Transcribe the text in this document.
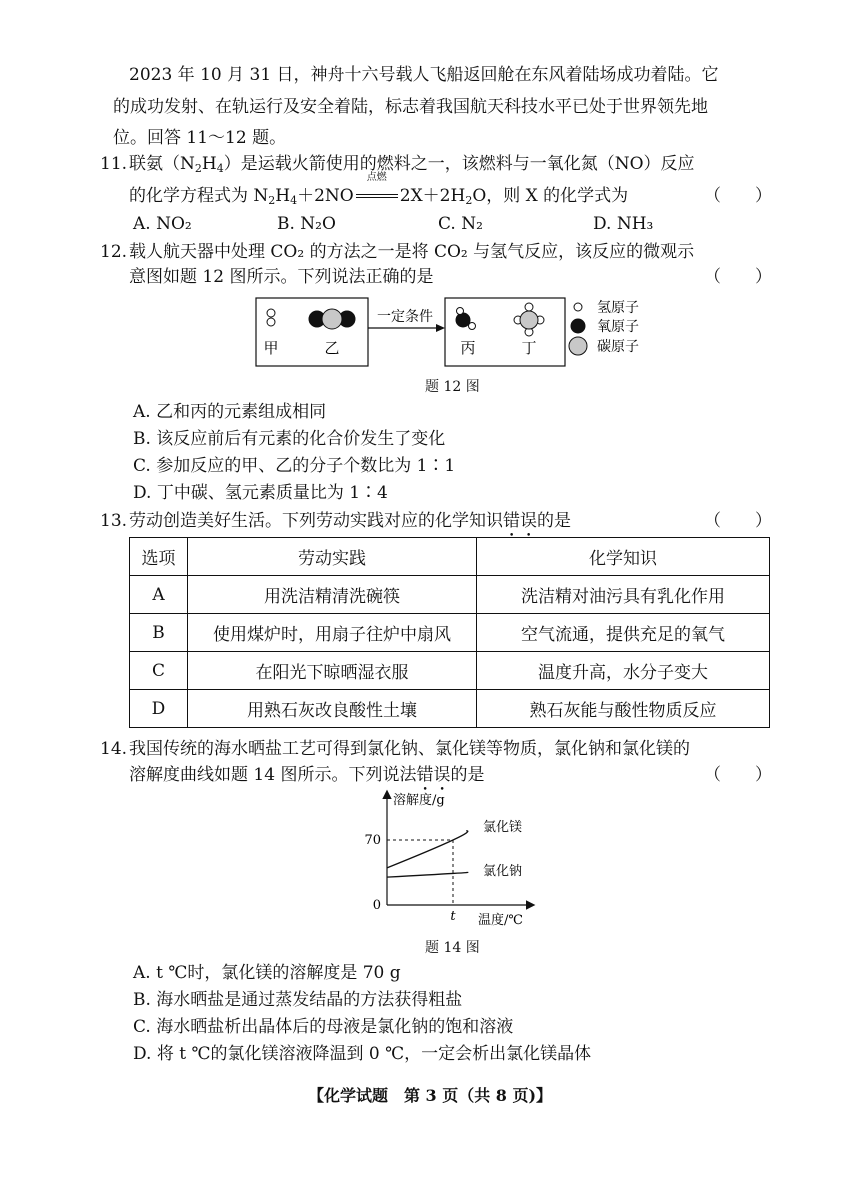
2023 年 10 月 31 日，神舟十六号载人飞船返回舱在东风着陆场成功着陆。它
的成功发射、在轨运行及安全着陆，标志着我国航天科技水平已处于世界领先地
位。回答 11～12 题。
11. 联氨$(N_2H_4)$是运载火箭使用的燃料之一，该燃料与一氧化氮（NO）反应
的化学方程式为 $N_2H_4+2NO$
点燃
$2X+2H_2O$，则 X 的化学式为	（　　）
A. NO₂	B. N₂O	C. N₂	D. NH₃
12. 载人航天器中处理 CO₂ 的方法之一是将 CO₂ 与氢气反应，该反应的微观示
意图如题 12 图所示。下列说法正确的是	（　　）
甲	乙
一定条件
丙	丁
氢原子
氧原子
碳原子
题 12 图
A. 乙和丙的元素组成相同
B. 该反应前后有元素的化合价发生了变化
C. 参加反应的甲、乙的分子个数比为 1∶1
D. 丁中碳、氢元素质量比为 1∶4
13. 劳动创造美好生活。下列劳动实践对应的化学知识错误的是	（　　）
选项	劳动实践	化学知识
A	用洗洁精清洗碗筷	洗洁精对油污具有乳化作用
B	使用煤炉时，用扇子往炉中扇风	空气流通，提供充足的氧气
C	在阳光下晾晒湿衣服	温度升高，水分子变大
D	用熟石灰改良酸性土壤	熟石灰能与酸性物质反应
14. 我国传统的海水晒盐工艺可得到氯化钠、氯化镁等物质，氯化钠和氯化镁的
溶解度曲线如题 14 图所示。下列说法错误的是	（　　）
溶解度/g
温度/℃
0
70
t
氯化镁
氯化钠
题 14 图
A. t ℃时，氯化镁的溶解度是 70 g
B. 海水晒盐是通过蒸发结晶的方法获得粗盐
C. 海水晒盐析出晶体后的母液是氯化钠的饱和溶液
D. 将 t ℃的氯化镁溶液降温到 0 ℃，一定会析出氯化镁晶体
【化学试题　第 3 页（共 8 页)】
